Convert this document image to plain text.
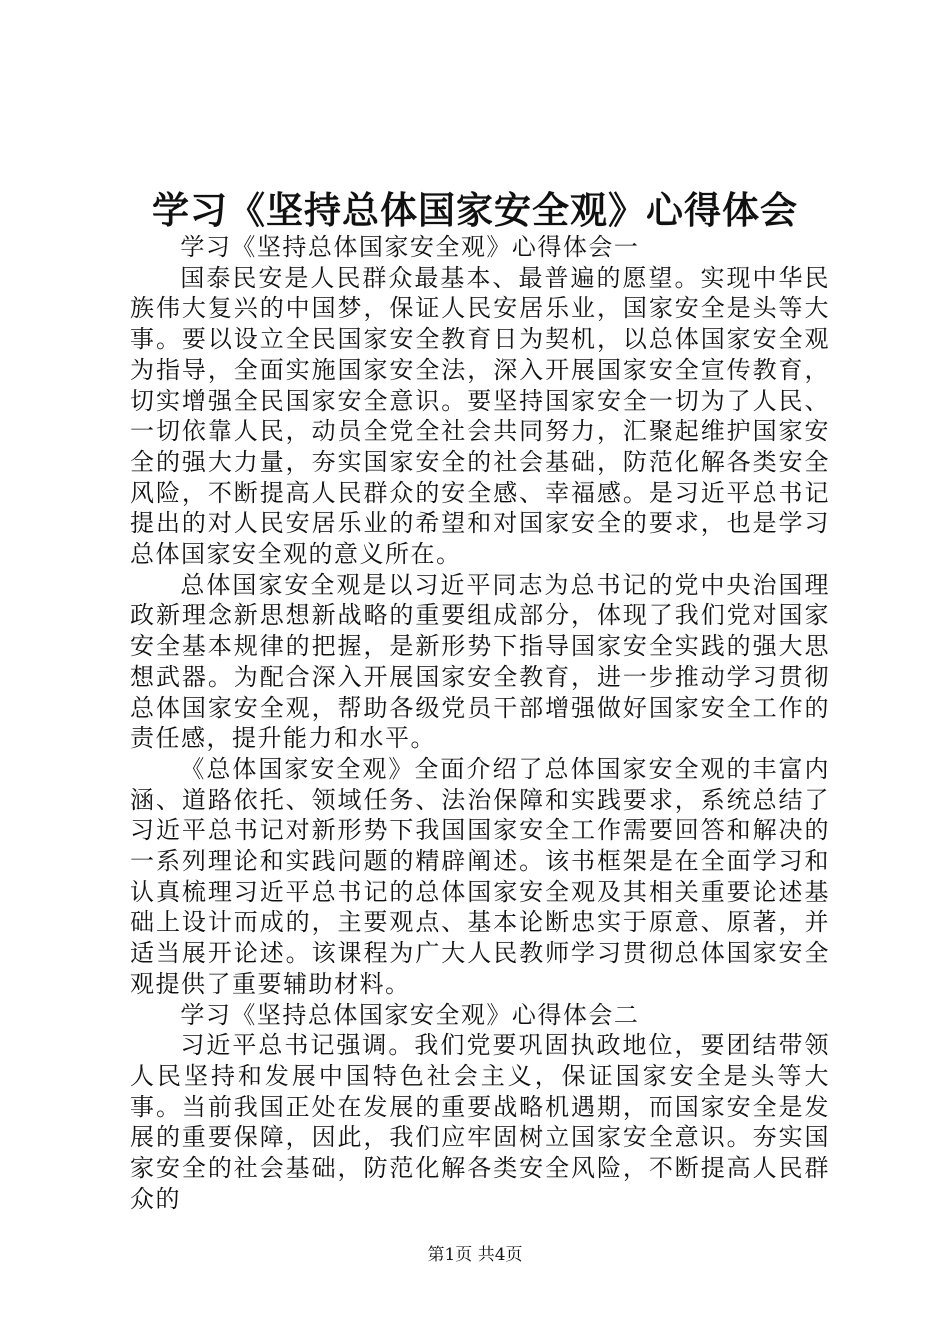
学习《坚持总体国家安全观》心得体会

学习《坚持总体国家安全观》心得体会一

国泰民安是人民群众最基本、最普遍的愿望。实现中华民族伟大复兴的中国梦，保证人民安居乐业，国家安全是头等大事。要以设立全民国家安全教育日为契机，以总体国家安全观为指导，全面实施国家安全法，深入开展国家安全宣传教育，切实增强全民国家安全意识。要坚持国家安全一切为了人民、一切依靠人民，动员全党全社会共同努力，汇聚起维护国家安全的强大力量，夯实国家安全的社会基础，防范化解各类安全风险，不断提高人民群众的安全感、幸福感。是习近平总书记提出的对人民安居乐业的希望和对国家安全的要求，也是学习总体国家安全观的意义所在。

总体国家安全观是以习近平同志为总书记的党中央治国理政新理念新思想新战略的重要组成部分，体现了我们党对国家安全基本规律的把握，是新形势下指导国家安全实践的强大思想武器。为配合深入开展国家安全教育，进一步推动学习贯彻总体国家安全观，帮助各级党员干部增强做好国家安全工作的责任感，提升能力和水平。

《总体国家安全观》全面介绍了总体国家安全观的丰富内涵、道路依托、领域任务、法治保障和实践要求，系统总结了习近平总书记对新形势下我国国家安全工作需要回答和解决的一系列理论和实践问题的精辟阐述。该书框架是在全面学习和认真梳理习近平总书记的总体国家安全观及其相关重要论述基础上设计而成的，主要观点、基本论断忠实于原意、原著，并适当展开论述。该课程为广大人民教师学习贯彻总体国家安全观提供了重要辅助材料。

学习《坚持总体国家安全观》心得体会二

习近平总书记强调。我们党要巩固执政地位，要团结带领人民坚持和发展中国特色社会主义，保证国家安全是头等大事。当前我国正处在发展的重要战略机遇期，而国家安全是发展的重要保障，因此，我们应牢固树立国家安全意识。夯实国家安全的社会基础，防范化解各类安全风险，不断提高人民群众的

第1页 共4页
